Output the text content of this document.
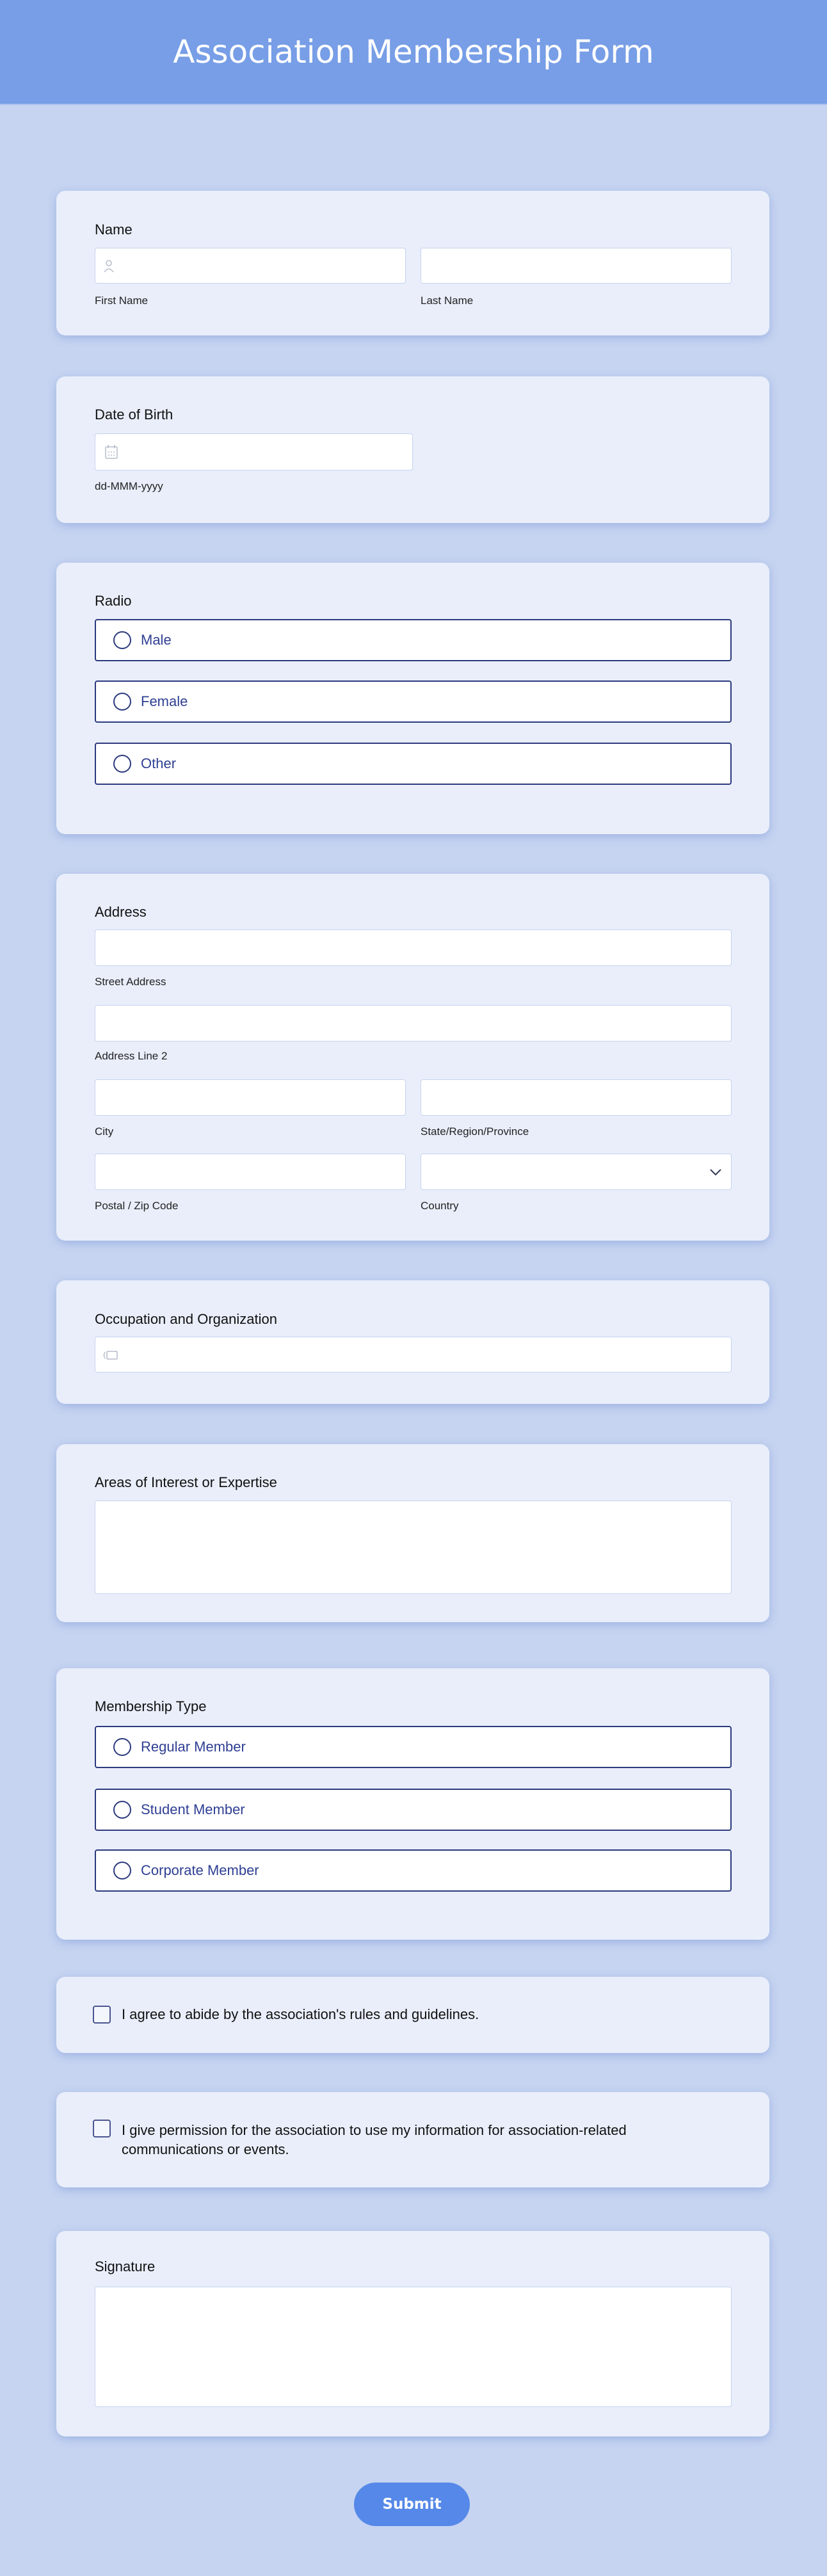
Association Membership Form
Name
First Name	Last Name
Date of Birth
dd-MMM-yyyy
Radio
Male
Female
Other
Address
Street Address
Address Line 2
City	State/Region/Province
Postal / Zip Code	Country
Occupation and Organization
Areas of Interest or Expertise
Membership Type
Regular Member
Student Member
Corporate Member
I agree to abide by the association's rules and guidelines.
I give permission for the association to use my information for association-related communications or events.
Signature
Submit
